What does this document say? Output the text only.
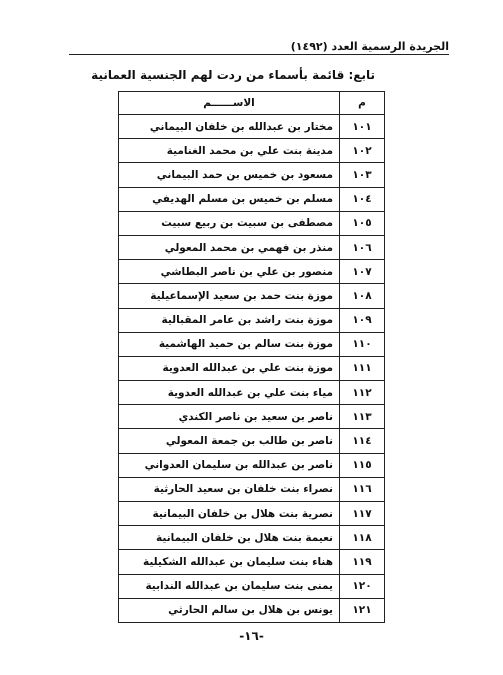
الجريدة الرسمية العدد (١٤٩٢)
تابع: قائمة بأسماء من ردت لهم الجنسية العمانية
م	الاســــــم
١٠١	مختار بن عبدالله بن خلفان البيماني
١٠٢	مدينة بنت علي بن محمد الغنامية
١٠٣	مسعود بن خميس بن حمد البيماني
١٠٤	مسلم بن خميس بن مسلم الهديفي
١٠٥	مصطفى بن سبيت بن ربيع سبيت
١٠٦	منذر بن فهمي بن محمد المعولي
١٠٧	منصور بن علي بن ناصر البطاشي
١٠٨	موزة بنت حمد بن سعيد الإسماعيلية
١٠٩	موزة بنت راشد بن عامر المقبالية
١١٠	موزة بنت سالم بن حميد الهاشمية
١١١	موزة بنت علي بن عبدالله العدوية
١١٢	مياء بنت علي بن عبدالله العدوية
١١٣	ناصر بن سعيد بن ناصر الكندي
١١٤	ناصر بن طالب بن جمعة المعولي
١١٥	ناصر بن عبدالله بن سليمان العدواني
١١٦	نصراء بنت خلفان بن سعيد الحارثية
١١٧	نصرية بنت هلال بن خلفان البيمانية
١١٨	نعيمة بنت هلال بن خلفان البيمانية
١١٩	هناء بنت سليمان بن عبدالله الشكيلية
١٢٠	يمنى بنت سليمان بن عبدالله الندابية
١٢١	يونس بن هلال بن سالم الحارثي
-١٦-
